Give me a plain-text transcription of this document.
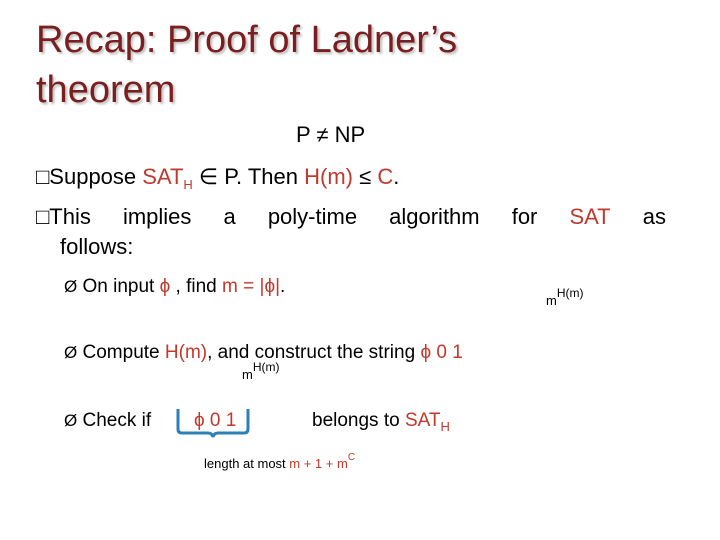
Recap: Proof of Ladner’s
theorem
P ≠ NP
□Suppose $SAT_H$ ∈ P. Then H(m) ≤ C.
□This implies a poly-time algorithm for SAT as
follows:
Ø On input ϕ , find m = |ϕ|.
$m^{H(m)}$
Ø Compute H(m), and construct the string ϕ 0 1
$m^{H(m)}$
Ø Check if ϕ 0 1	belongs to $SAT_H$
length at most $m + 1 + m^C$
